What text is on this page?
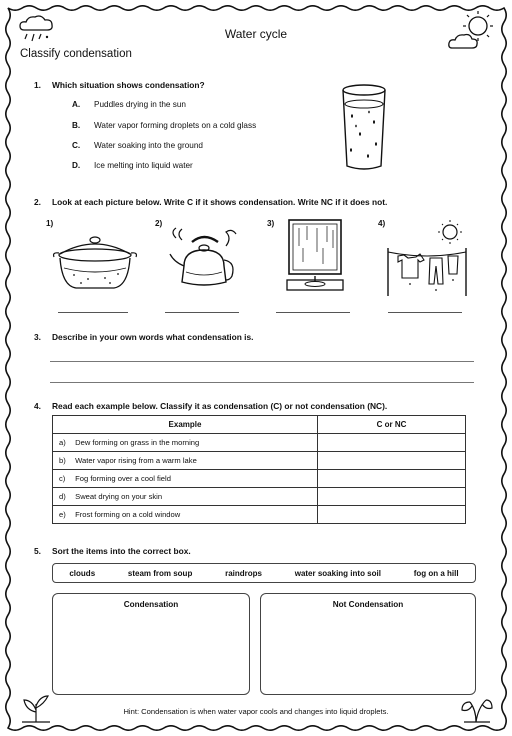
Water cycle
Classify condensation
1. Which situation shows condensation?
A. Puddles drying in the sun
B. Water vapor forming droplets on a cold glass
C. Water soaking into the ground
D. Ice melting into liquid water
2. Look at each picture below. Write C if it shows condensation. Write NC if it does not.
1)	2)	3)	4)
3. Describe in your own words what condensation is.
4. Read each example below. Classify it as condensation (C) or not condensation (NC).
Example	C or NC
a) Dew forming on grass in the morning	
b) Water vapor rising from a warm lake	
c) Fog forming over a cool field	
d) Sweat drying on your skin	
e) Frost forming on a cold window	
5. Sort the items into the correct box.
clouds	steam from soup	raindrops	water soaking into soil	fog on a hill
Condensation	Not Condensation
Hint: Condensation is when water vapor cools and changes into liquid droplets.
